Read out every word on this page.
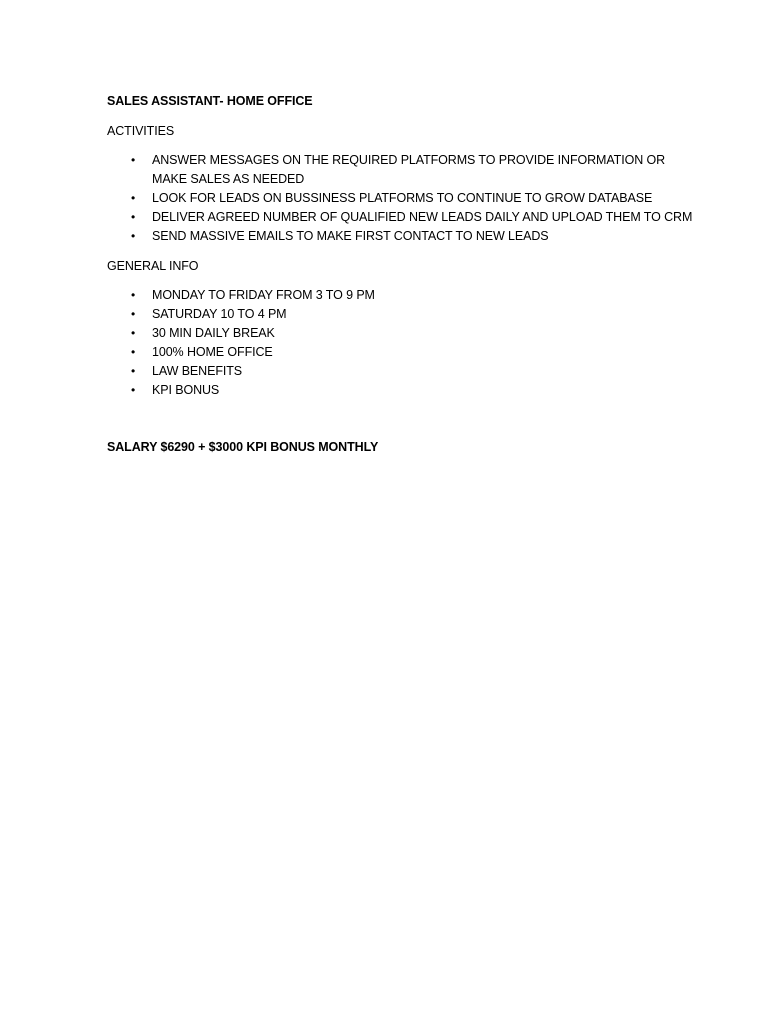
SALES ASSISTANT- HOME OFFICE
ACTIVITIES
•	ANSWER MESSAGES ON THE REQUIRED PLATFORMS TO PROVIDE INFORMATION OR MAKE SALES AS NEEDED
•	LOOK FOR LEADS ON BUSSINESS PLATFORMS TO CONTINUE TO GROW DATABASE
•	DELIVER AGREED NUMBER OF QUALIFIED NEW LEADS DAILY AND UPLOAD THEM TO CRM
•	SEND MASSIVE EMAILS TO MAKE FIRST CONTACT TO NEW LEADS
GENERAL INFO
•	MONDAY TO FRIDAY FROM 3 TO 9 PM
•	SATURDAY 10 TO 4 PM
•	30 MIN DAILY BREAK
•	100% HOME OFFICE
•	LAW BENEFITS
•	KPI BONUS
SALARY $6290 + $3000 KPI BONUS MONTHLY
